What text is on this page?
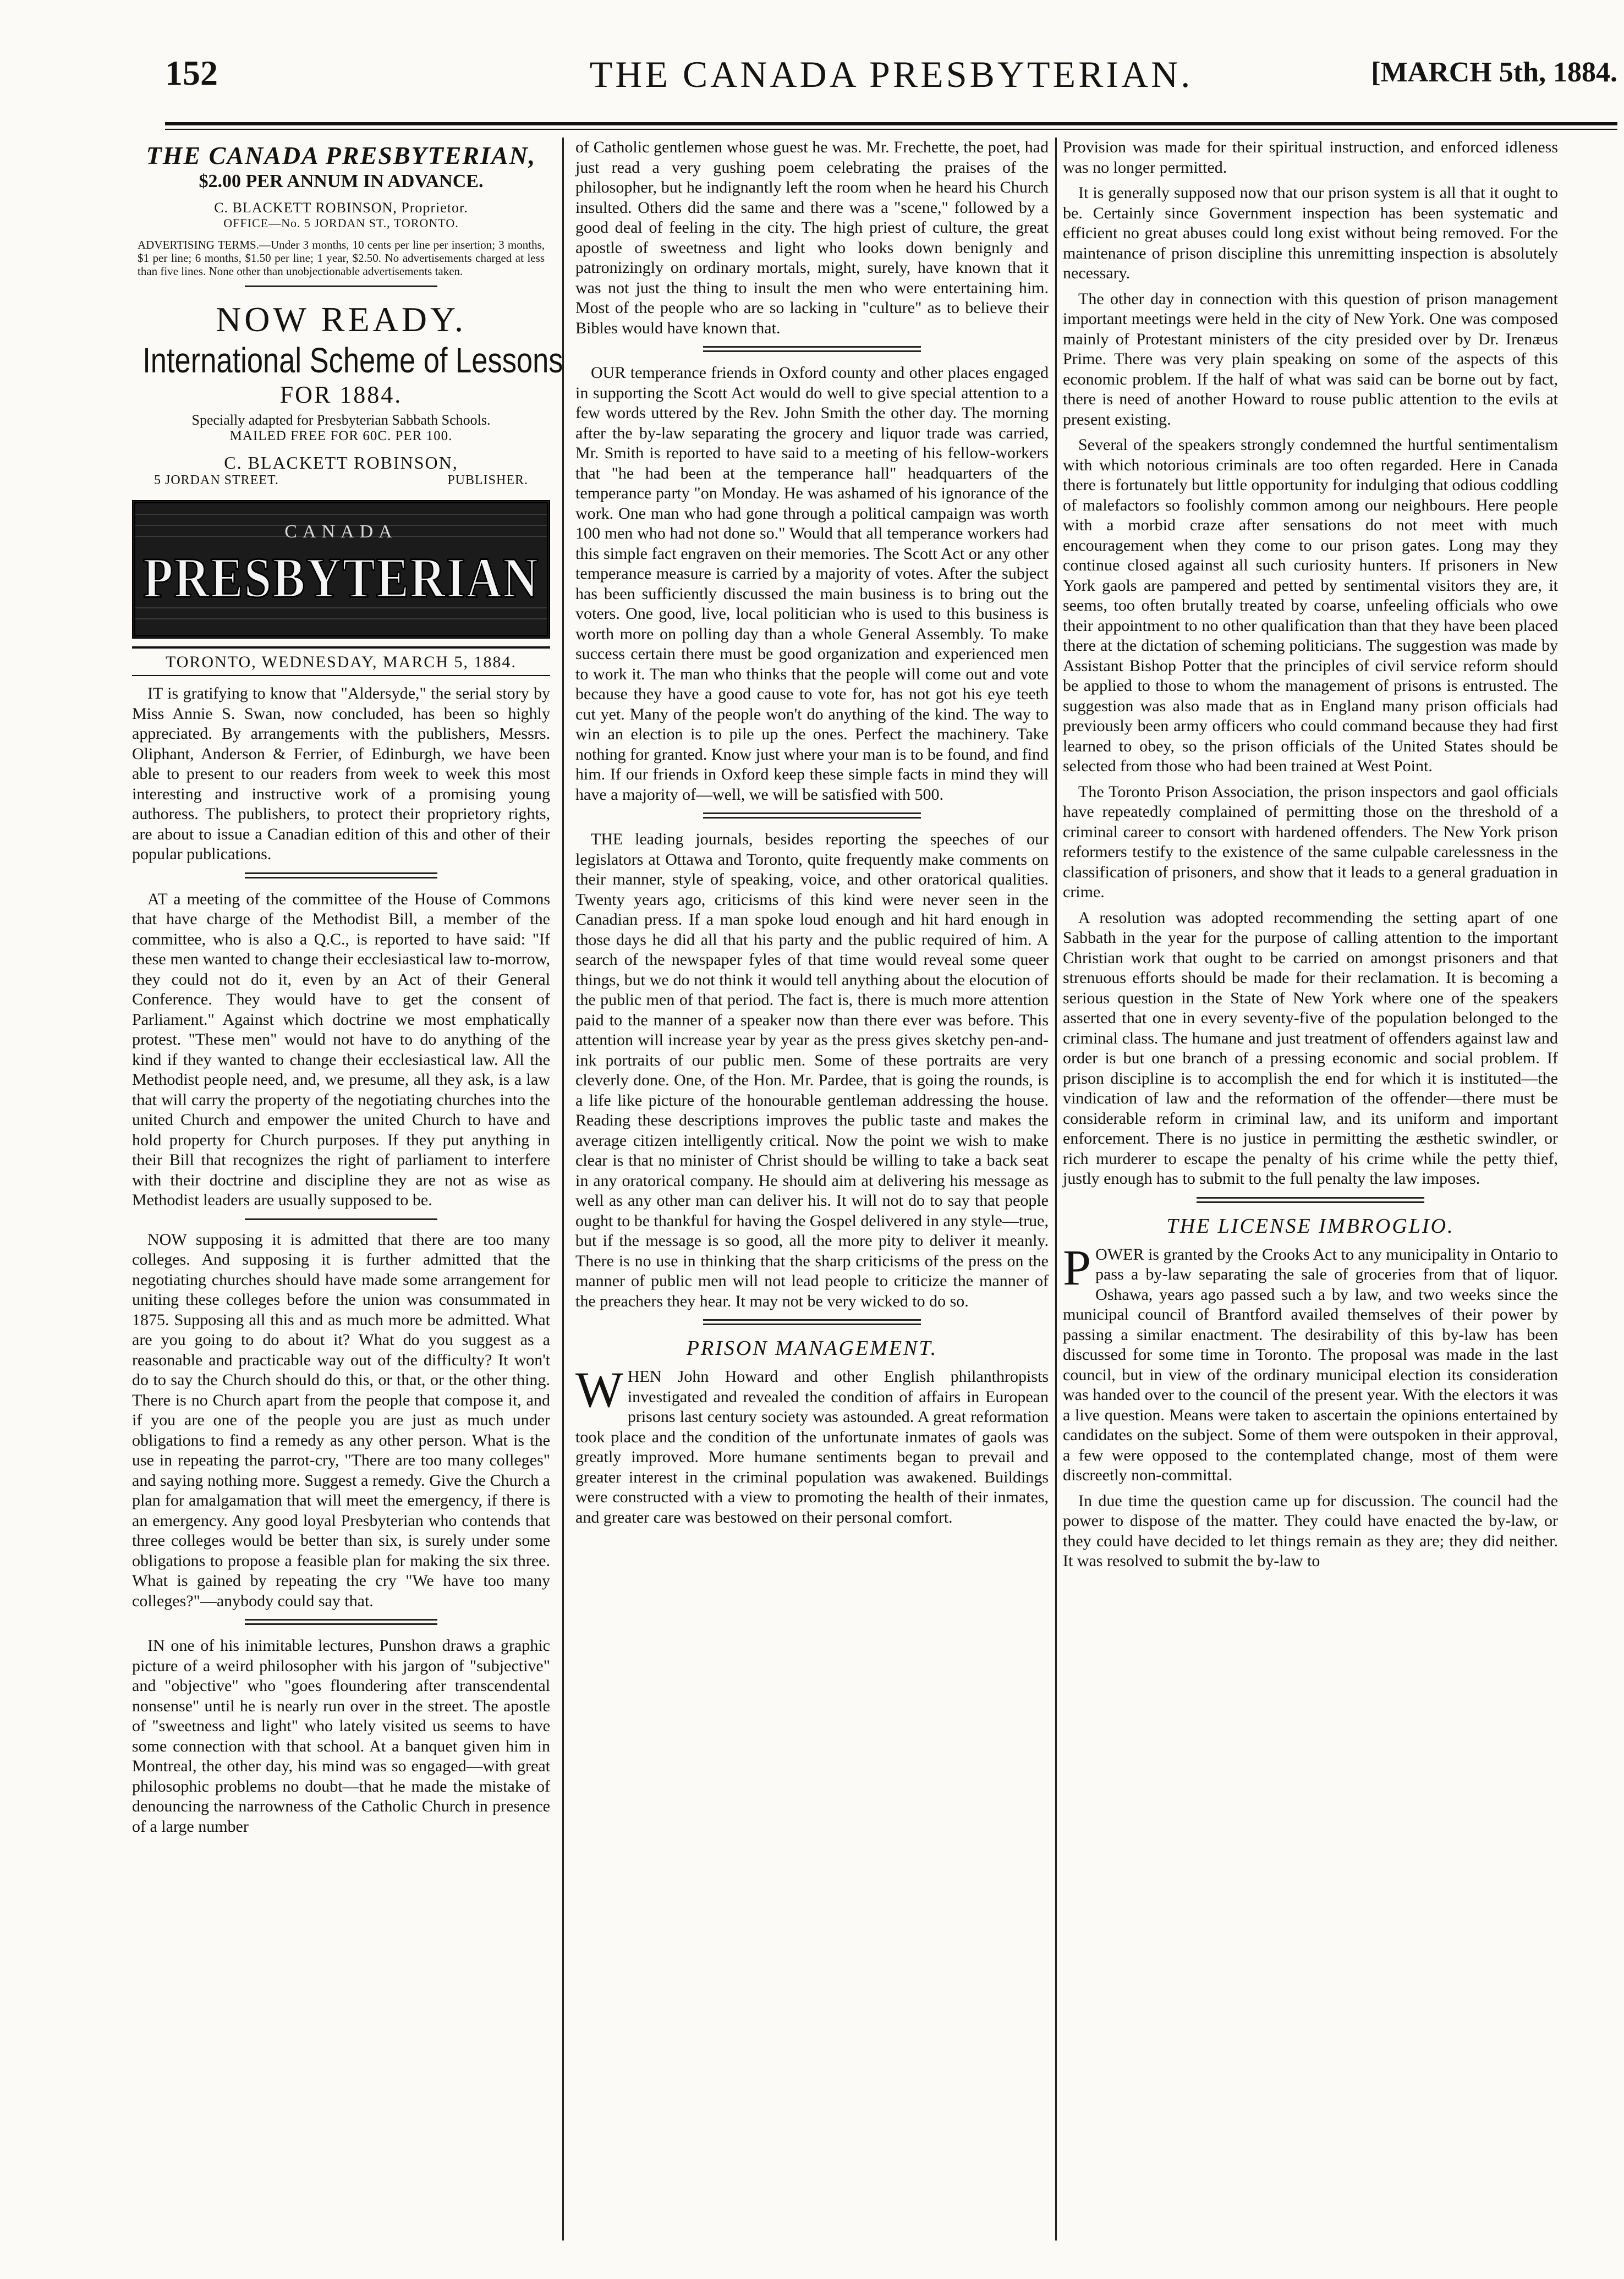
152	THE CANADA PRESBYTERIAN.	[MARCH 5th, 1884.
THE CANADA PRESBYTERIAN,
$2.00 PER ANNUM IN ADVANCE.
C. BLACKETT ROBINSON, Proprietor.
OFFICE—No. 5 JORDAN ST., TORONTO.
ADVERTISING TERMS.—Under 3 months, 10 cents per line per insertion; 3 months, $1 per line; 6 months, $1.50 per line; 1 year, $2.50. No advertisements charged at less than five lines. None other than unobjectionable advertisements taken.
NOW READY.
International Scheme of Lessons
FOR 1884.
Specially adapted for Presbyterian Sabbath Schools.
MAILED FREE FOR 60C. PER 100.
C. BLACKETT ROBINSON,
5 JORDAN STREET.	PUBLISHER.
CANADA
PRESBYTERIAN
TORONTO, WEDNESDAY, MARCH 5, 1884.

IT is gratifying to know that "Aldersyde," the serial story by Miss Annie S. Swan, now concluded, has been so highly appreciated. By arrangements with the publishers, Messrs. Oliphant, Anderson & Ferrier, of Edinburgh, we have been able to present to our readers from week to week this most interesting and instructive work of a promising young authoress. The publishers, to protect their proprietory rights, are about to issue a Canadian edition of this and other of their popular publications.

AT a meeting of the committee of the House of Commons that have charge of the Methodist Bill, a member of the committee, who is also a Q.C., is reported to have said: "If these men wanted to change their ecclesiastical law to-morrow, they could not do it, even by an Act of their General Conference. They would have to get the consent of Parliament." Against which doctrine we most emphatically protest. "These men" would not have to do anything of the kind if they wanted to change their ecclesiastical law. All the Methodist people need, and, we presume, all they ask, is a law that will carry the property of the negotiating churches into the united Church and empower the united Church to have and hold property for Church purposes. If they put anything in their Bill that recognizes the right of parliament to interfere with their doctrine and discipline they are not as wise as Methodist leaders are usually supposed to be.

NOW supposing it is admitted that there are too many colleges. And supposing it is further admitted that the negotiating churches should have made some arrangement for uniting these colleges before the union was consummated in 1875. Supposing all this and as much more be admitted. What are you going to do about it? What do you suggest as a reasonable and practicable way out of the difficulty? It won't do to say the Church should do this, or that, or the other thing. There is no Church apart from the people that compose it, and if you are one of the people you are just as much under obligations to find a remedy as any other person. What is the use in repeating the parrot-cry, "There are too many colleges" and saying nothing more. Suggest a remedy. Give the Church a plan for amalgamation that will meet the emergency, if there is an emergency. Any good loyal Presbyterian who contends that three colleges would be better than six, is surely under some obligations to propose a feasible plan for making the six three. What is gained by repeating the cry "We have too many colleges?"—anybody could say that.

IN one of his inimitable lectures, Punshon draws a graphic picture of a weird philosopher with his jargon of "subjective" and "objective" who "goes floundering after transcendental nonsense" until he is nearly run over in the street. The apostle of "sweetness and light" who lately visited us seems to have some connection with that school. At a banquet given him in Montreal, the other day, his mind was so engaged—with great philosophic problems no doubt—that he made the mistake of denouncing the narrowness of the Catholic Church in presence of a large number

of Catholic gentlemen whose guest he was. Mr. Frechette, the poet, had just read a very gushing poem celebrating the praises of the philosopher, but he indignantly left the room when he heard his Church insulted. Others did the same and there was a "scene," followed by a good deal of feeling in the city. The high priest of culture, the great apostle of sweetness and light who looks down benignly and patronizingly on ordinary mortals, might, surely, have known that it was not just the thing to insult the men who were entertaining him. Most of the people who are so lacking in "culture" as to believe their Bibles would have known that.

OUR temperance friends in Oxford county and other places engaged in supporting the Scott Act would do well to give special attention to a few words uttered by the Rev. John Smith the other day. The morning after the by-law separating the grocery and liquor trade was carried, Mr. Smith is reported to have said to a meeting of his fellow-workers that "he had been at the temperance hall" headquarters of the temperance party "on Monday. He was ashamed of his ignorance of the work. One man who had gone through a political campaign was worth 100 men who had not done so." Would that all temperance workers had this simple fact engraven on their memories. The Scott Act or any other temperance measure is carried by a majority of votes. After the subject has been sufficiently discussed the main business is to bring out the voters. One good, live, local politician who is used to this business is worth more on polling day than a whole General Assembly. To make success certain there must be good organization and experienced men to work it. The man who thinks that the people will come out and vote because they have a good cause to vote for, has not got his eye teeth cut yet. Many of the people won't do anything of the kind. The way to win an election is to pile up the ones. Perfect the machinery. Take nothing for granted. Know just where your man is to be found, and find him. If our friends in Oxford keep these simple facts in mind they will have a majority of—well, we will be satisfied with 500.

THE leading journals, besides reporting the speeches of our legislators at Ottawa and Toronto, quite frequently make comments on their manner, style of speaking, voice, and other oratorical qualities. Twenty years ago, criticisms of this kind were never seen in the Canadian press. If a man spoke loud enough and hit hard enough in those days he did all that his party and the public required of him. A search of the newspaper fyles of that time would reveal some queer things, but we do not think it would tell anything about the elocution of the public men of that period. The fact is, there is much more attention paid to the manner of a speaker now than there ever was before. This attention will increase year by year as the press gives sketchy pen-and-ink portraits of our public men. Some of these portraits are very cleverly done. One, of the Hon. Mr. Pardee, that is going the rounds, is a life like picture of the honourable gentleman addressing the house. Reading these descriptions improves the public taste and makes the average citizen intelligently critical. Now the point we wish to make clear is that no minister of Christ should be willing to take a back seat in any oratorical company. He should aim at delivering his message as well as any other man can deliver his. It will not do to say that people ought to be thankful for having the Gospel delivered in any style—true, but if the message is so good, all the more pity to deliver it meanly. There is no use in thinking that the sharp criticisms of the press on the manner of public men will not lead people to criticize the manner of the preachers they hear. It may not be very wicked to do so.

PRISON MANAGEMENT.

WHEN John Howard and other English philanthropists investigated and revealed the condition of affairs in European prisons last century society was astounded. A great reformation took place and the condition of the unfortunate inmates of gaols was greatly improved. More humane sentiments began to prevail and greater interest in the criminal population was awakened. Buildings were constructed with a view to promoting the health of their inmates, and greater care was bestowed on their personal comfort.

Provision was made for their spiritual instruction, and enforced idleness was no longer permitted.

It is generally supposed now that our prison system is all that it ought to be. Certainly since Government inspection has been systematic and efficient no great abuses could long exist without being removed. For the maintenance of prison discipline this unremitting inspection is absolutely necessary.

The other day in connection with this question of prison management important meetings were held in the city of New York. One was composed mainly of Protestant ministers of the city presided over by Dr. Irenæus Prime. There was very plain speaking on some of the aspects of this economic problem. If the half of what was said can be borne out by fact, there is need of another Howard to rouse public attention to the evils at present existing.

Several of the speakers strongly condemned the hurtful sentimentalism with which notorious criminals are too often regarded. Here in Canada there is fortunately but little opportunity for indulging that odious coddling of malefactors so foolishly common among our neighbours. Here people with a morbid craze after sensations do not meet with much encouragement when they come to our prison gates. Long may they continue closed against all such curiosity hunters. If prisoners in New York gaols are pampered and petted by sentimental visitors they are, it seems, too often brutally treated by coarse, unfeeling officials who owe their appointment to no other qualification than that they have been placed there at the dictation of scheming politicians. The suggestion was made by Assistant Bishop Potter that the principles of civil service reform should be applied to those to whom the management of prisons is entrusted. The suggestion was also made that as in England many prison officials had previously been army officers who could command because they had first learned to obey, so the prison officials of the United States should be selected from those who had been trained at West Point.

The Toronto Prison Association, the prison inspectors and gaol officials have repeatedly complained of permitting those on the threshold of a criminal career to consort with hardened offenders. The New York prison reformers testify to the existence of the same culpable carelessness in the classification of prisoners, and show that it leads to a general graduation in crime.

A resolution was adopted recommending the setting apart of one Sabbath in the year for the purpose of calling attention to the important Christian work that ought to be carried on amongst prisoners and that strenuous efforts should be made for their reclamation. It is becoming a serious question in the State of New York where one of the speakers asserted that one in every seventy-five of the population belonged to the criminal class. The humane and just treatment of offenders against law and order is but one branch of a pressing economic and social problem. If prison discipline is to accomplish the end for which it is instituted—the vindication of law and the reformation of the offender—there must be considerable reform in criminal law, and its uniform and important enforcement. There is no justice in permitting the æsthetic swindler, or rich murderer to escape the penalty of his crime while the petty thief, justly enough has to submit to the full penalty the law imposes.

THE LICENSE IMBROGLIO.

POWER is granted by the Crooks Act to any municipality in Ontario to pass a by-law separating the sale of groceries from that of liquor. Oshawa, years ago passed such a by law, and two weeks since the municipal council of Brantford availed themselves of their power by passing a similar enactment. The desirability of this by-law has been discussed for some time in Toronto. The proposal was made in the last council, but in view of the ordinary municipal election its consideration was handed over to the council of the present year. With the electors it was a live question. Means were taken to ascertain the opinions entertained by candidates on the subject. Some of them were outspoken in their approval, a few were opposed to the contemplated change, most of them were discreetly non-committal.

In due time the question came up for discussion. The council had the power to dispose of the matter. They could have enacted the by-law, or they could have decided to let things remain as they are; they did neither. It was resolved to submit the by-law to
